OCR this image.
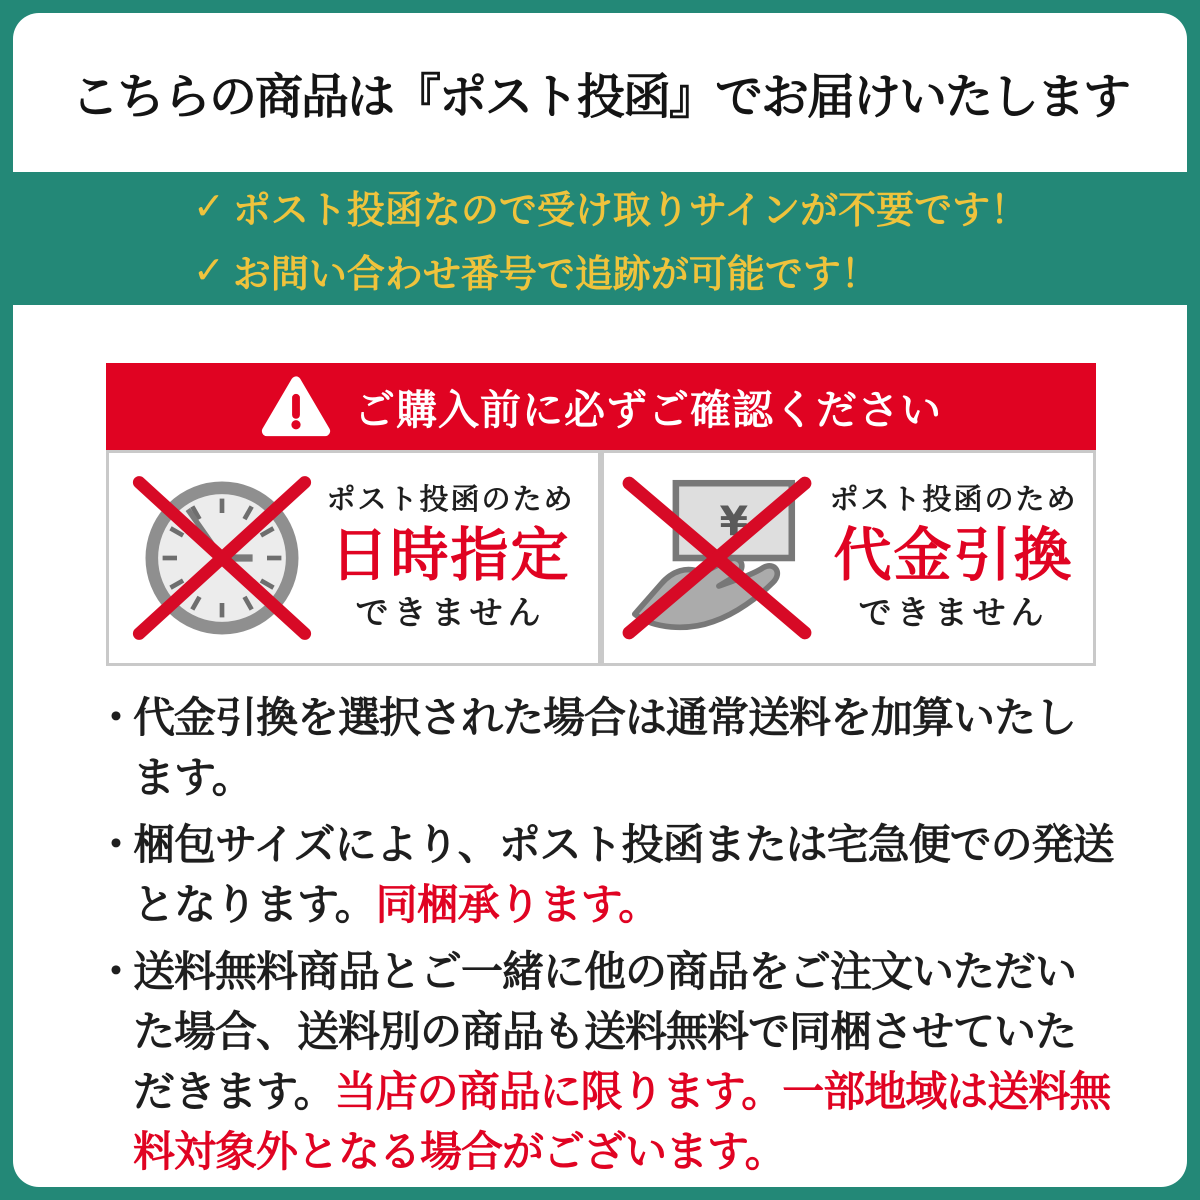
こちらの商品は『ポスト投函』でお届けいたします
✓ ポスト投函なので受け取りサインが不要です！
✓ お問い合わせ番号で追跡が可能です！
ご購入前に必ずご確認ください
ポスト投函のため
日時指定
できません
¥	ポスト投函のため
代金引換
できません
・
代金引換を選択された場合は通常送料を加算いたします。
・
梱包サイズにより、ポスト投函または宅急便での発送となります。同梱承ります。
・
送料無料商品とご一緒に他の商品をご注文いただいた場合、送料別の商品も送料無料で同梱させていただきます。当店の商品に限ります。一部地域は送料無料対象外となる場合がございます。
